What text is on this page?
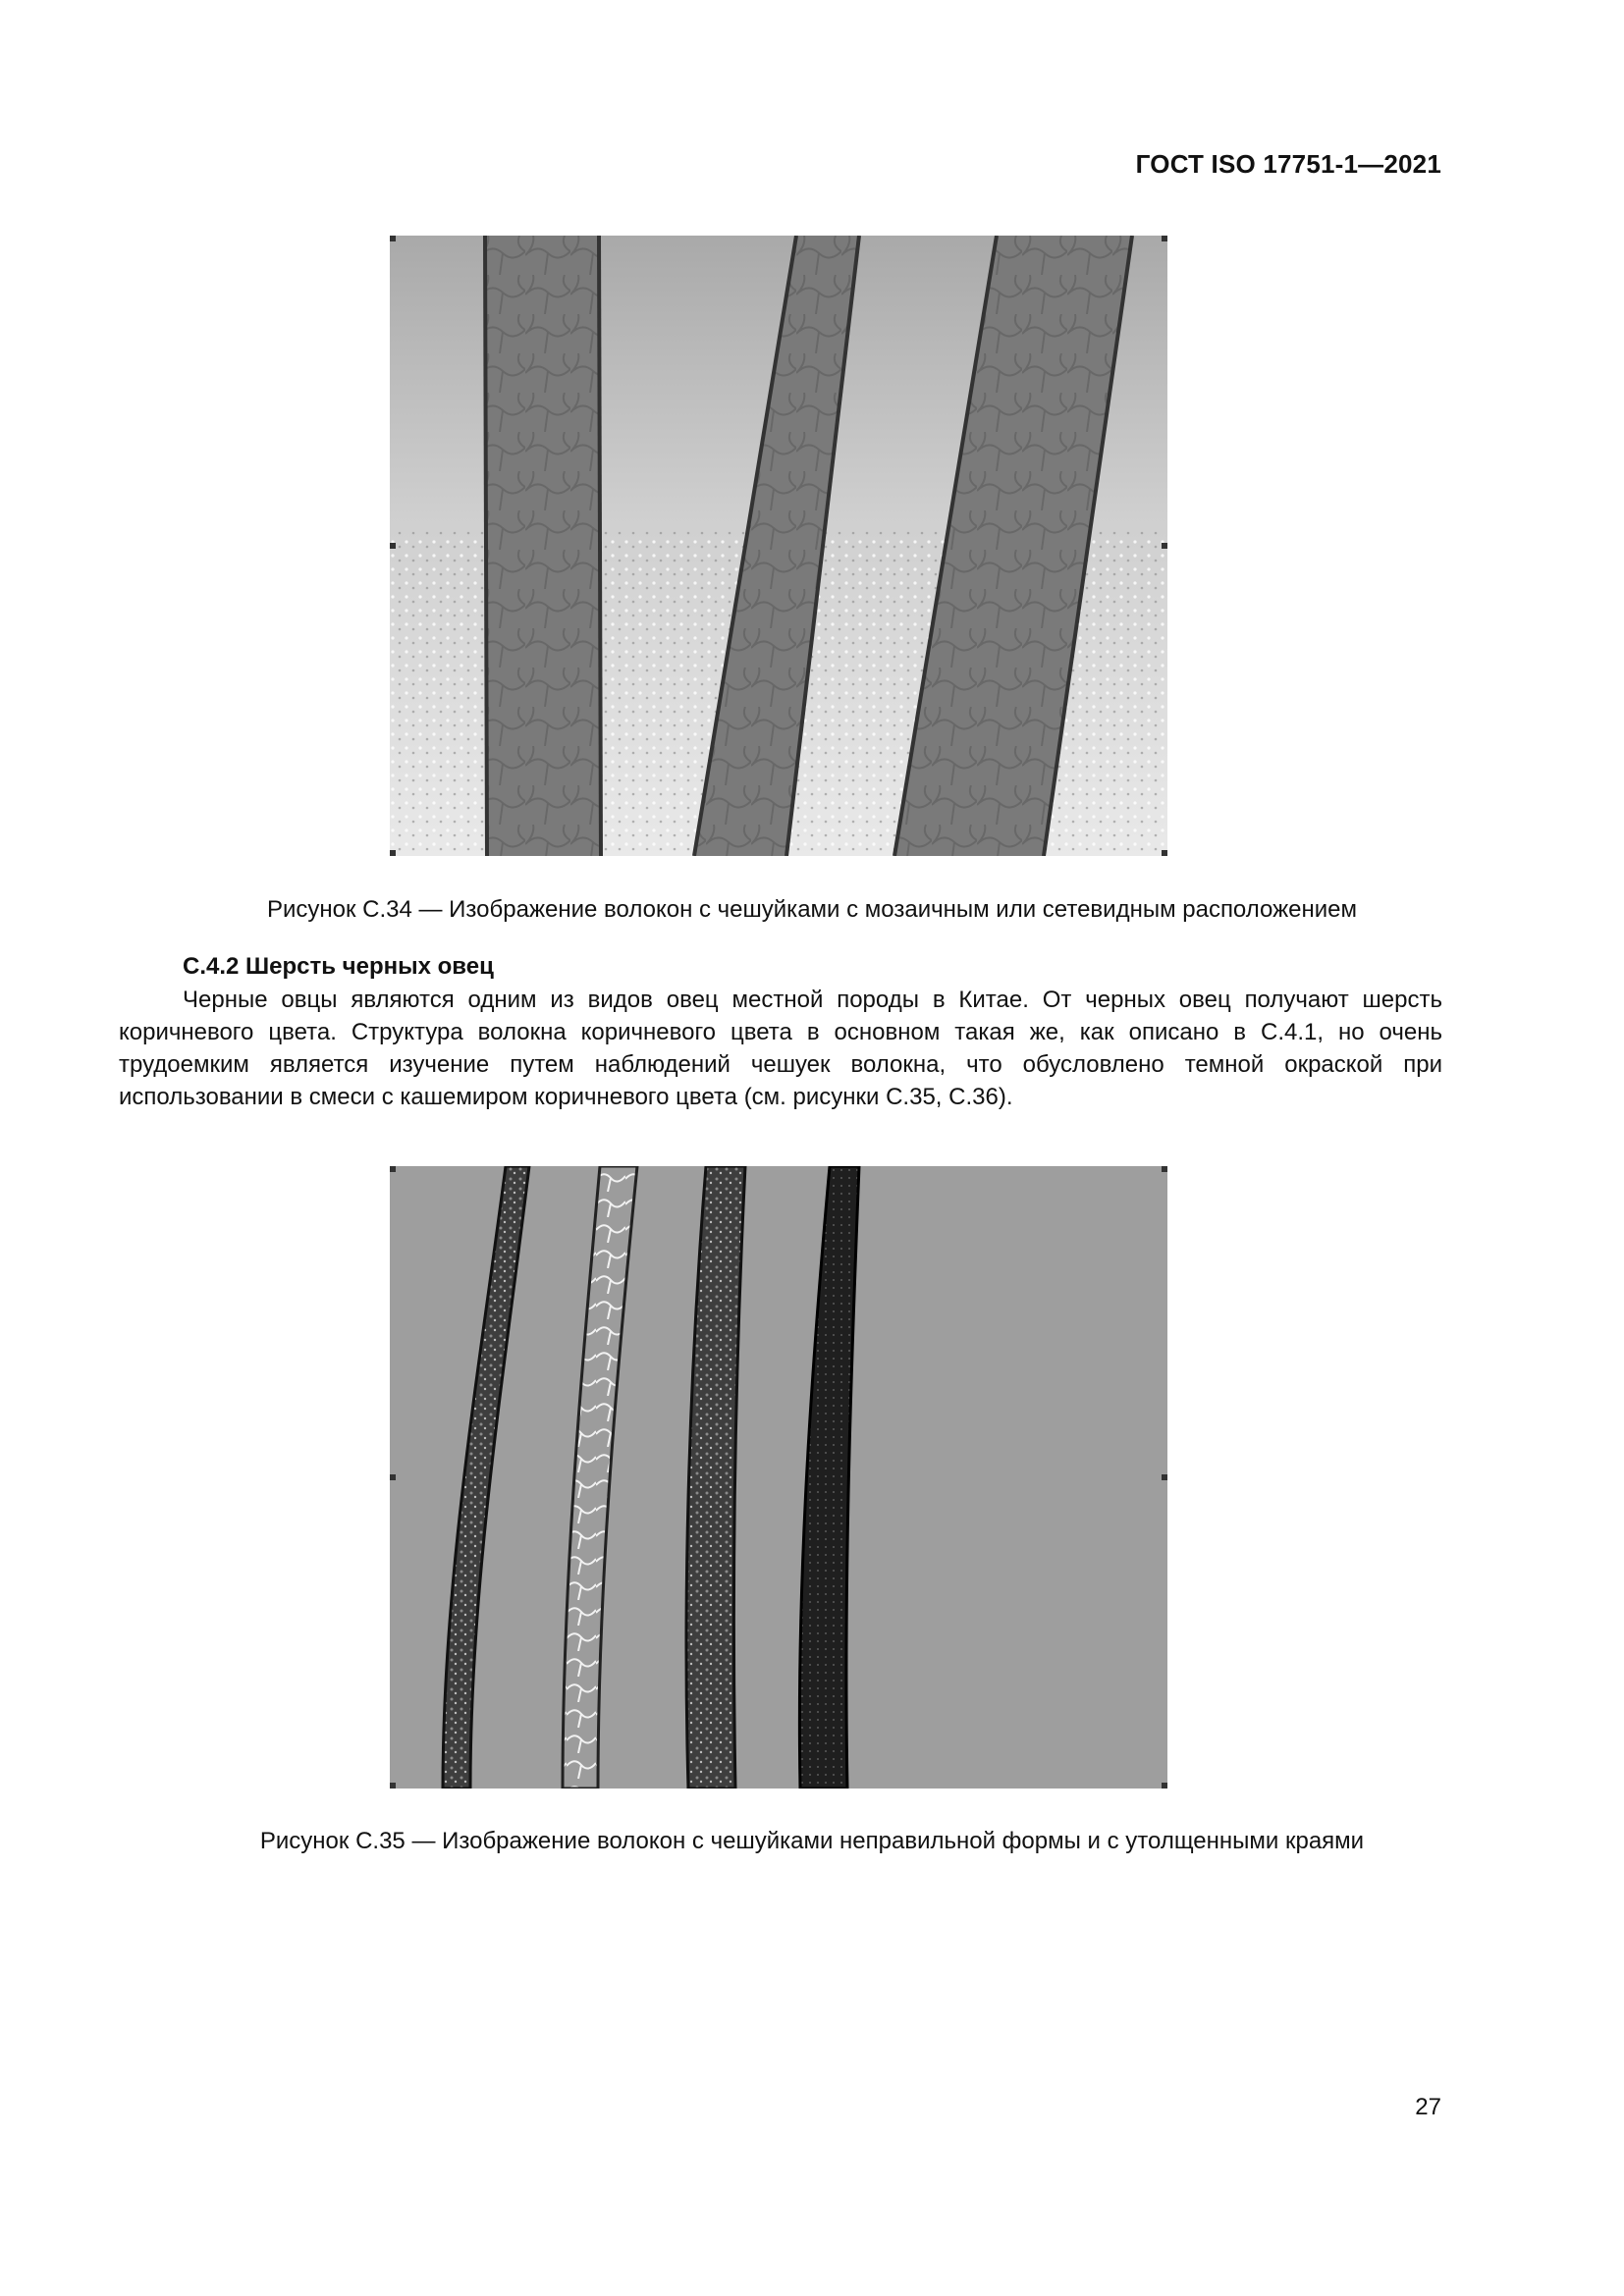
ГОСТ ISO 17751-1—2021
Рисунок С.34 — Изображение волокон с чешуйками с мозаичным или сетевидным расположением
С.4.2 Шерсть черных овец

Черные овцы являются одним из видов овец местной породы в Китае. От черных овец получают шерсть коричневого цвета. Структура волокна коричневого цвета в основном такая же, как описано в С.4.1, но очень трудоемким является изучение путем наблюдений чешуек волокна, что обусловлено темной окраской при использовании в смеси с кашемиром коричневого цвета (см. рисунки С.35, С.36).

Рисунок С.35 — Изображение волокон с чешуйками неправильной формы и с утолщенными краями
27
